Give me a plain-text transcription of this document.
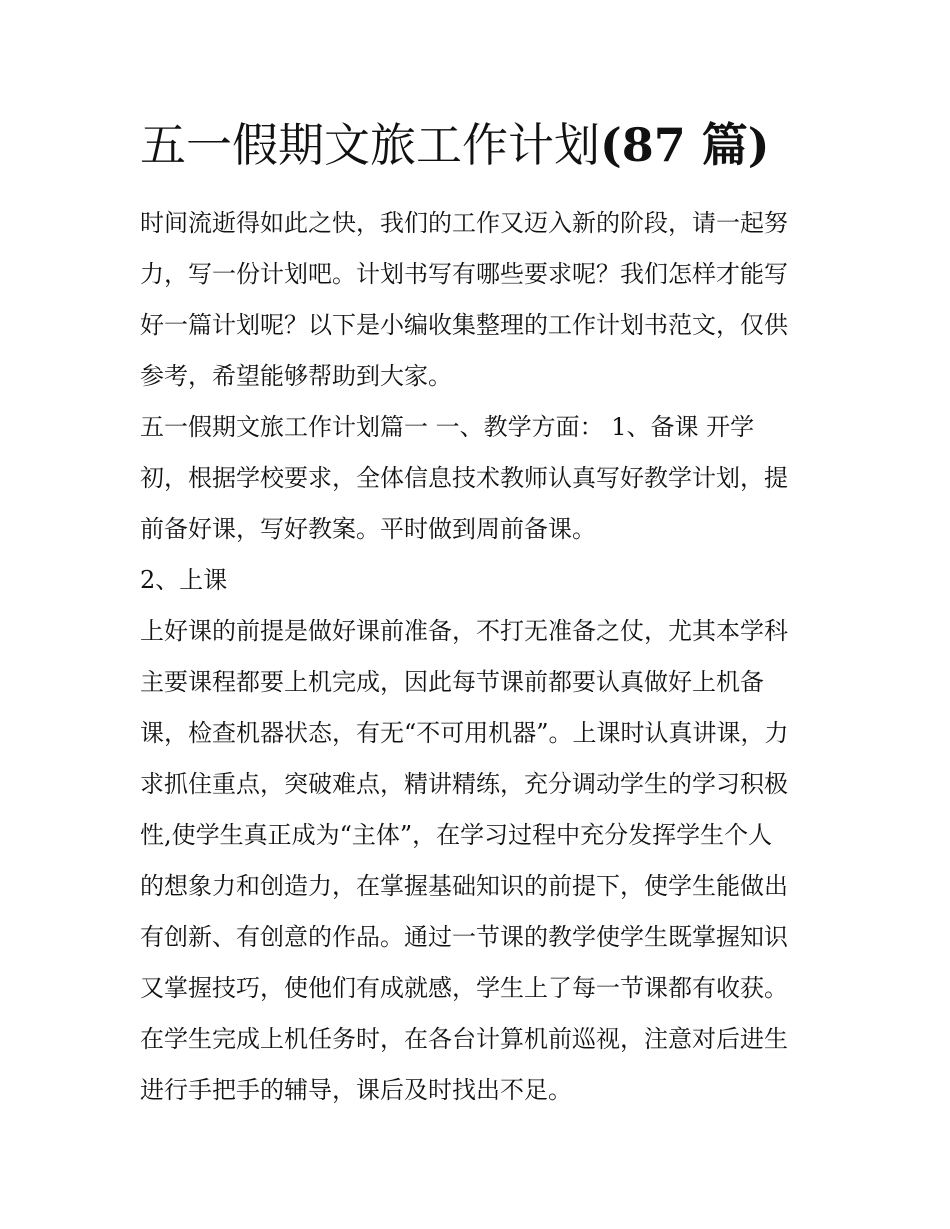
五一假期文旅工作计划(87 篇)

时间流逝得如此之快，我们的工作又迈入新的阶段，请一起努
力，写一份计划吧。计划书写有哪些要求呢？我们怎样才能写
好一篇计划呢？以下是小编收集整理的工作计划书范文，仅供
参考，希望能够帮助到大家。

五一假期文旅工作计划篇一 一、教学方面： 1、备课 开学
初，根据学校要求，全体信息技术教师认真写好教学计划，提
前备好课，写好教案。平时做到周前备课。

2、上课

上好课的前提是做好课前准备，不打无准备之仗，尤其本学科
主要课程都要上机完成，因此每节课前都要认真做好上机备
课，检查机器状态，有无“不可用机器”。上课时认真讲课，力
求抓住重点，突破难点，精讲精练，充分调动学生的学习积极
性,使学生真正成为“主体”，在学习过程中充分发挥学生个人
的想象力和创造力，在掌握基础知识的前提下，使学生能做出
有创新、有创意的作品。通过一节课的教学使学生既掌握知识
又掌握技巧，使他们有成就感，学生上了每一节课都有收获。
在学生完成上机任务时，在各台计算机前巡视，注意对后进生
进行手把手的辅导，课后及时找出不足。
